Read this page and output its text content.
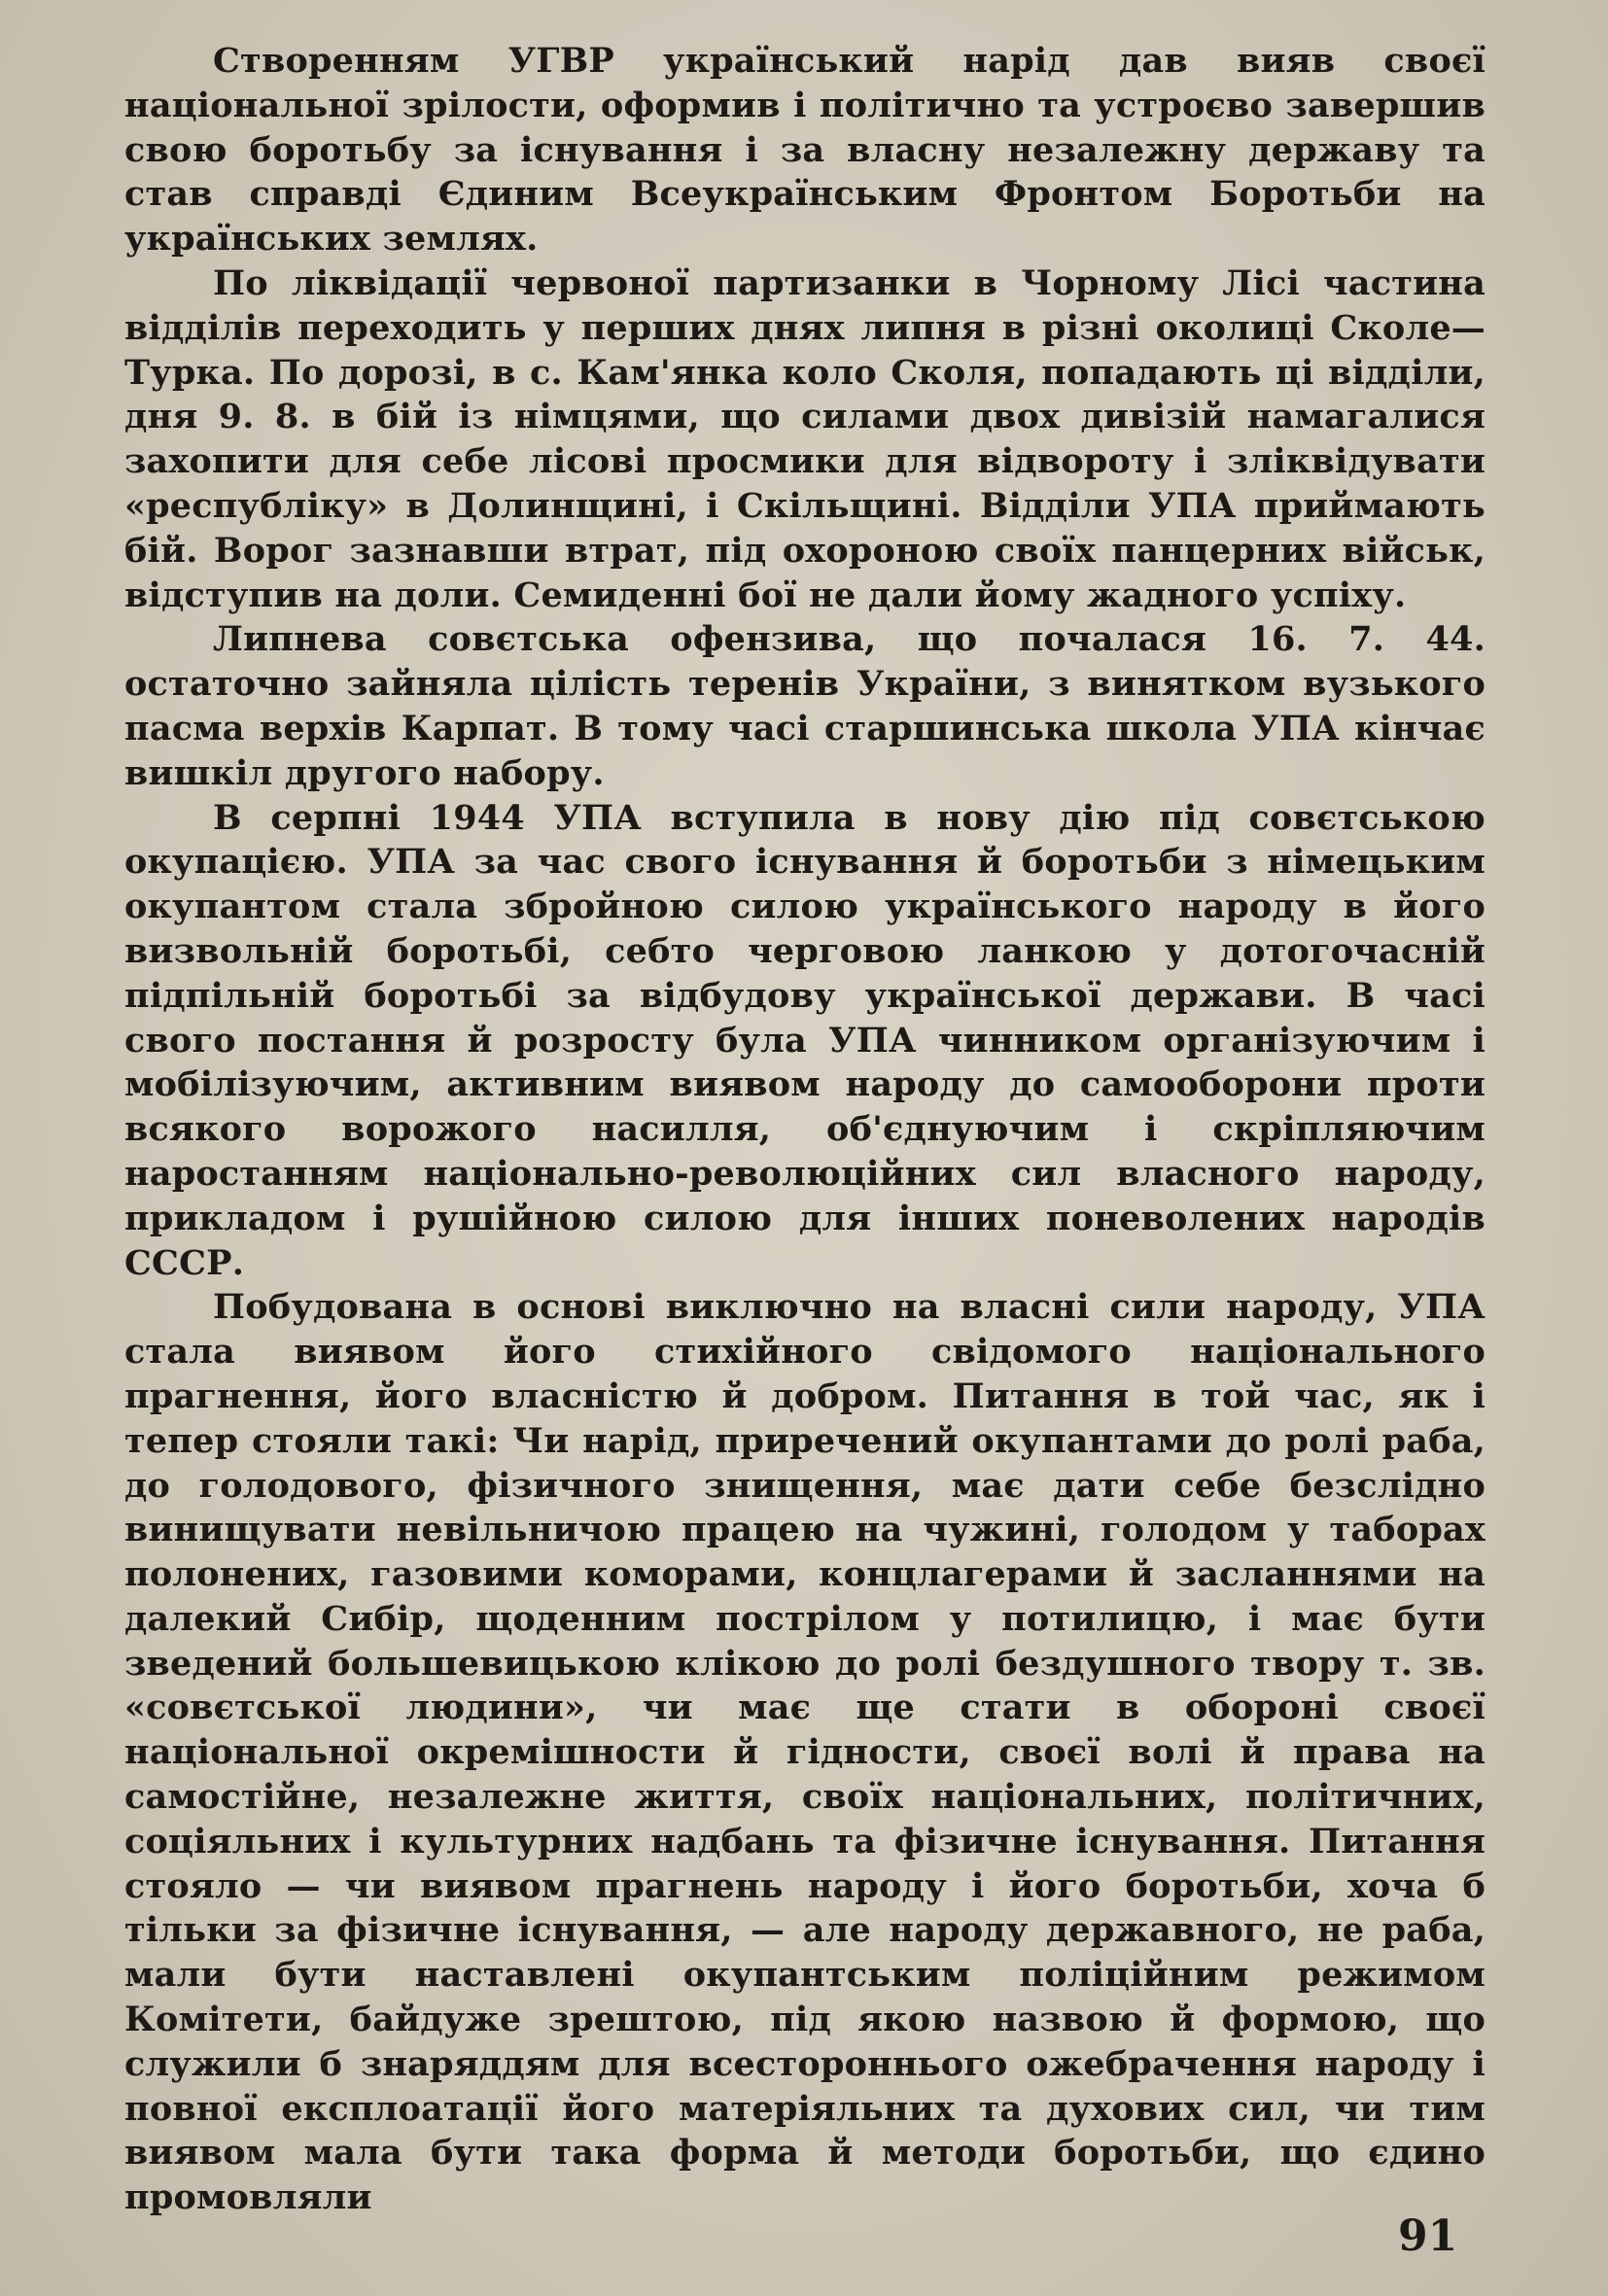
Створенням УГВР український нарід дав вияв своєї національної зрілости, оформив і політично та устроєво завершив свою боротьбу за існування і за власну незалежну державу та став справді Єдиним Всеукраїнським Фронтом Боротьби на українських землях.

По ліквідації червоної партизанки в Чорному Лісі частина відділів переходить у перших днях липня в різні околиці Сколе—Турка. По дорозі, в с. Кам'янка коло Сколя, попадають ці відділи, дня 9. 8. в бій із німцями, що силами двох дивізій намагалися захопити для себе лісові просмики для відвороту і зліквідувати «республіку» в Долинщині, і Скільщині. Відділи УПА приймають бій. Ворог зазнавши втрат, під охороною своїх панцерних військ, відступив на доли. Семиденні бої не дали йому жадного успіху.

Липнева совєтська офензива, що почалася 16. 7. 44. остаточно зайняла цілість теренів України, з винятком вузького пасма верхів Карпат. В тому часі старшинська школа УПА кінчає вишкіл другого набору.

В серпні 1944 УПА вступила в нову дію під совєтською окупацією. УПА за час свого існування й боротьби з німецьким окупантом стала збройною силою українського народу в його визвольній боротьбі, себто черговою ланкою у дотогочасній підпільній боротьбі за відбудову української держави. В часі свого постання й розросту була УПА чинником організуючим і мобілізуючим, активним виявом народу до самооборони проти всякого ворожого насилля, об'єднуючим і скріпляючим наростанням національно-революційних сил власного народу, прикладом і рушійною силою для інших поневолених народів СССР.

Побудована в основі виключно на власні сили народу, УПА стала виявом його стихійного свідомого національного прагнення, його власністю й добром. Питання в той час, як і тепер стояли такі: Чи нарід, приречений окупантами до ролі раба, до голодового, фізичного знищення, має дати себе безслідно винищувати невільничою працею на чужині, голодом у таборах полонених, газовими коморами, концлагерами й засланнями на далекий Сибір, щоденним пострілом у потилицю, і має бути зведений большевицькою клікою до ролі бездушного твору т. зв. «совєтської людини», чи має ще стати в обороні своєї національної окремішности й гідности, своєї волі й права на самостійне, незалежне життя, своїх національних, політичних, соціяльних і культурних надбань та фізичне існування. Питання стояло — чи виявом прагнень народу і його боротьби, хоча б тільки за фізичне існування, — але народу державного, не раба, мали бути наставлені окупантським поліційним режимом Комітети, байдуже зрештою, під якою назвою й формою, що служили б знаряддям для всестороннього ожебрачення народу і повної експлоатації його матеріяльних та духових сил, чи тим виявом мала бути така форма й методи боротьби, що єдино промовляли

91
